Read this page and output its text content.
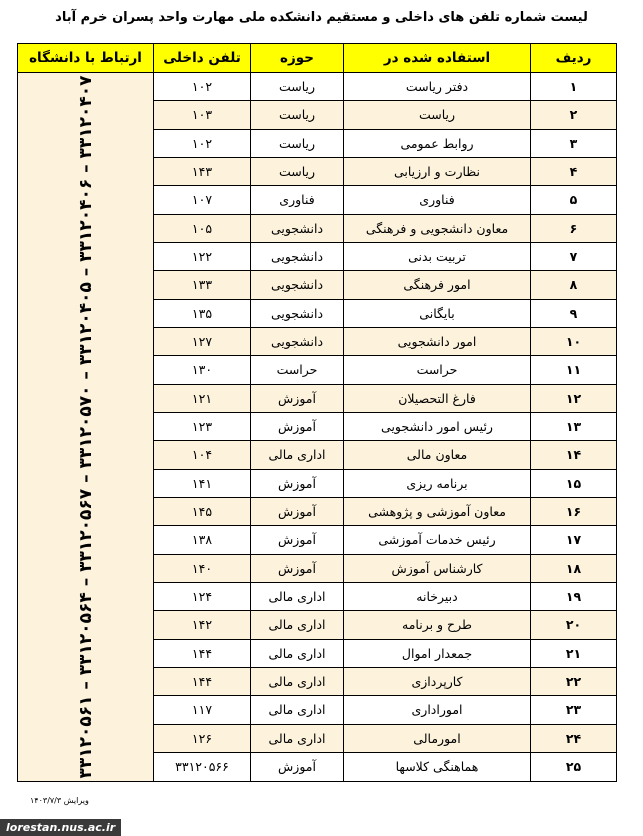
لیست شماره تلفن های داخلی و مستقیم دانشکده ملی مهارت واحد پسران خرم آباد
ردیف	استفاده شده در	حوزه	تلفن داخلی	ارتباط با دانشگاه
۱	دفتر ریاست	ریاست	۱۰۲	۳۳۱۲۰۵۶۱ – ۳۳۱۲۰۵۶۴ – ۳۳۱۲۰۵۶۷ – ۳۳۱۲۰۵۷۰ – ۳۳۱۲۰۴۰۵ – ۳۳۱۲۰۴۰۶ – ۳۳۱۲۰۴۰۷

۲	ریاست	ریاست	۱۰۳	
۳	روابط عمومی	ریاست	۱۰۲	
۴	نظارت و ارزیابی	ریاست	۱۴۳	
۵	فناوری	فناوری	۱۰۷	
۶	معاون دانشجویی و فرهنگی	دانشجویی	۱۰۵	
۷	تربیت بدنی	دانشجویی	۱۲۲	
۸	امور فرهنگی	دانشجویی	۱۳۳	
۹	بایگانی	دانشجویی	۱۳۵	
۱۰	امور دانشجویی	دانشجویی	۱۲۷	
۱۱	حراست	حراست	۱۳۰	
۱۲	فارغ التحصیلان	آموزش	۱۲۱	
۱۳	رئیس امور دانشجویی	آموزش	۱۲۳	
۱۴	معاون مالی	اداری مالی	۱۰۴	
۱۵	برنامه ریزی	آموزش	۱۴۱	
۱۶	معاون آموزشی و پژوهشی	آموزش	۱۴۵	
۱۷	رئیس خدمات آموزشی	آموزش	۱۳۸	
۱۸	کارشناس آموزش	آموزش	۱۴۰	
۱۹	دبیرخانه	اداری مالی	۱۲۴	
۲۰	طرح و برنامه	اداری مالی	۱۴۲	
۲۱	جمعدار اموال	اداری مالی	۱۴۴	
۲۲	کارپردازی	اداری مالی	۱۴۴	
۲۳	اموراداری	اداری مالی	۱۱۷	
۲۴	امورمالی	اداری مالی	۱۲۶	
۲۵	هماهنگی کلاسها	آموزش	۳۳۱۲۰۵۶۶	
ویرایش ۱۴۰۳/۷/۳
lorestan.nus.ac.ir
